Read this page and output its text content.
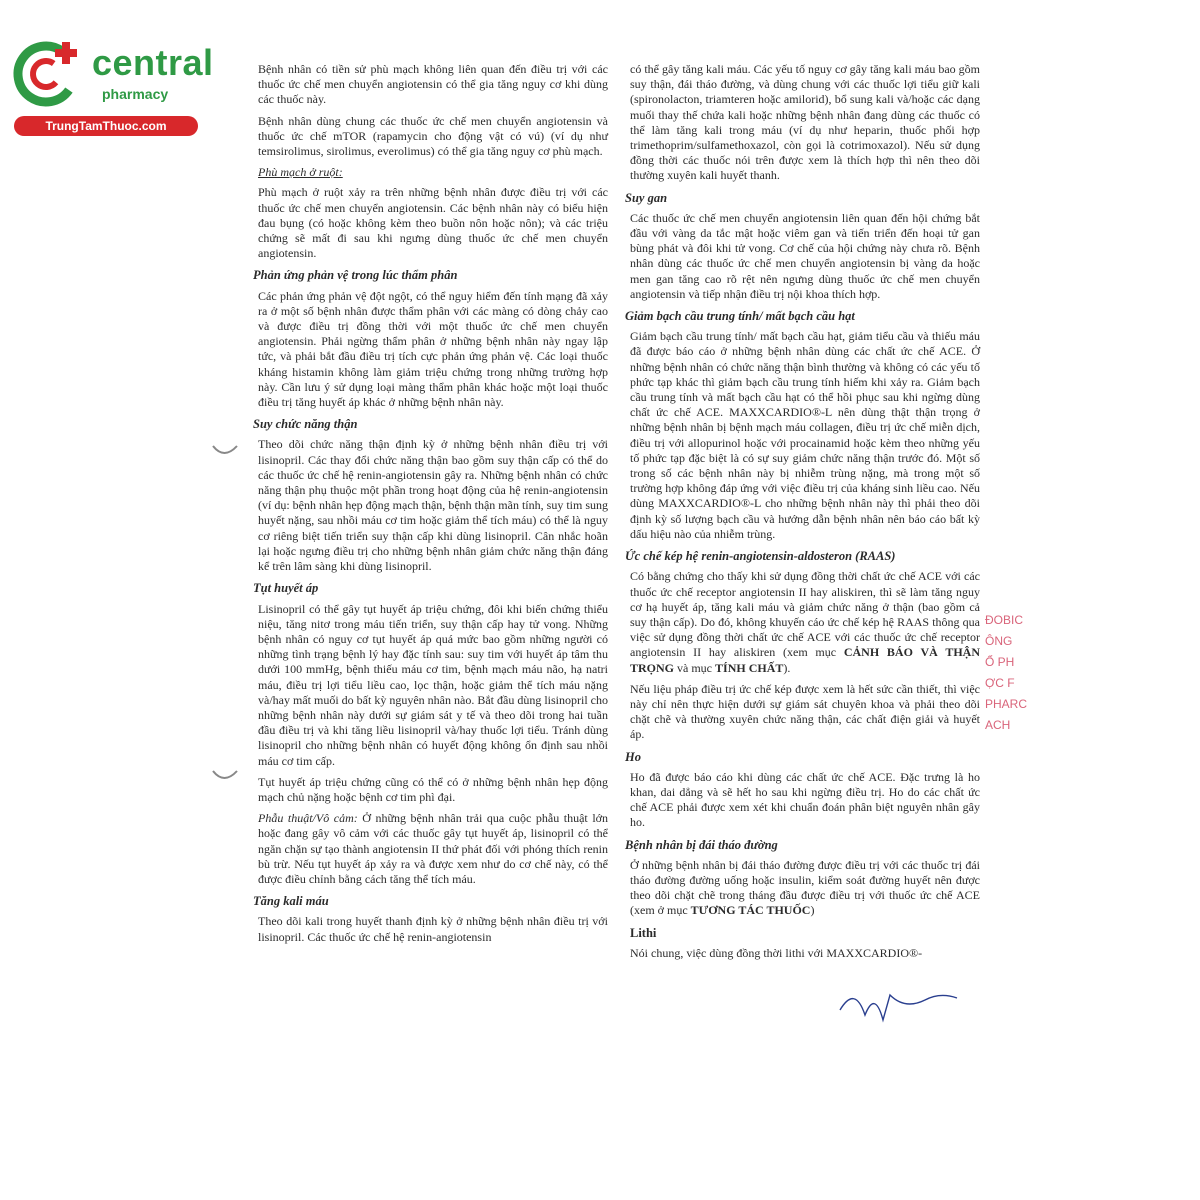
central
pharmacy
TrungTamThuoc.com

Bệnh nhân có tiền sử phù mạch không liên quan đến điều trị với các thuốc ức chế men chuyển angiotensin có thể gia tăng nguy cơ khi dùng các thuốc này.

Bệnh nhân dùng chung các thuốc ức chế men chuyển angiotensin và thuốc ức chế mTOR (rapamycin cho động vật có vú) (ví dụ như temsirolimus, sirolimus, everolimus) có thể gia tăng nguy cơ phù mạch.

Phù mạch ở ruột:

Phù mạch ở ruột xảy ra trên những bệnh nhân được điều trị với các thuốc ức chế men chuyển angiotensin. Các bệnh nhân này có biểu hiện đau bụng (có hoặc không kèm theo buồn nôn hoặc nôn); và các triệu chứng sẽ mất đi sau khi ngưng dùng thuốc ức chế men chuyển angiotensin.

Phản ứng phản vệ trong lúc thẩm phân

Các phản ứng phản vệ đột ngột, có thể nguy hiểm đến tính mạng đã xảy ra ở một số bệnh nhân được thẩm phân với các màng có dòng chảy cao và được điều trị đồng thời với một thuốc ức chế men chuyển angiotensin. Phải ngừng thẩm phân ở những bệnh nhân này ngay lập tức, và phải bắt đầu điều trị tích cực phản ứng phản vệ. Các loại thuốc kháng histamin không làm giảm triệu chứng trong những trường hợp này. Cần lưu ý sử dụng loại màng thẩm phân khác hoặc một loại thuốc điều trị tăng huyết áp khác ở những bệnh nhân này.

Suy chức năng thận

Theo dõi chức năng thận định kỳ ở những bệnh nhân điều trị với lisinopril. Các thay đổi chức năng thận bao gồm suy thận cấp có thể do các thuốc ức chế hệ renin-angiotensin gây ra. Những bệnh nhân có chức năng thận phụ thuộc một phần trong hoạt động của hệ renin-angiotensin (ví dụ: bệnh nhân hẹp động mạch thận, bệnh thận mãn tính, suy tim sung huyết nặng, sau nhồi máu cơ tim hoặc giảm thể tích máu) có thể là nguy cơ riêng biệt tiến triển suy thận cấp khi dùng lisinopril. Cân nhắc hoãn lại hoặc ngưng điều trị cho những bệnh nhân giảm chức năng thận đáng kể trên lâm sàng khi dùng lisinopril.

Tụt huyết áp

Lisinopril có thể gây tụt huyết áp triệu chứng, đôi khi biến chứng thiểu niệu, tăng nitơ trong máu tiến triển, suy thận cấp hay tử vong. Những bệnh nhân có nguy cơ tụt huyết áp quá mức bao gồm những người có những tình trạng bệnh lý hay đặc tính sau: suy tim với huyết áp tâm thu dưới 100 mmHg, bệnh thiếu máu cơ tim, bệnh mạch máu não, hạ natri máu, điều trị lợi tiểu liều cao, lọc thận, hoặc giảm thể tích máu nặng và/hay mất muối do bất kỳ nguyên nhân nào. Bắt đầu dùng lisinopril cho những bệnh nhân này dưới sự giám sát y tế và theo dõi trong hai tuần đầu điều trị và khi tăng liều lisinopril và/hay thuốc lợi tiểu. Tránh dùng lisinopril cho những bệnh nhân có huyết động không ổn định sau nhồi máu cơ tim cấp.

Tụt huyết áp triệu chứng cũng có thể có ở những bệnh nhân hẹp động mạch chủ nặng hoặc bệnh cơ tim phì đại.

Phẫu thuật/Vô cảm: Ở những bệnh nhân trải qua cuộc phẫu thuật lớn hoặc đang gây vô cảm với các thuốc gây tụt huyết áp, lisinopril có thể ngăn chặn sự tạo thành angiotensin II thứ phát đối với phóng thích renin bù trừ. Nếu tụt huyết áp xảy ra và được xem như do cơ chế này, có thể được điều chỉnh bằng cách tăng thể tích máu.

Tăng kali máu

Theo dõi kali trong huyết thanh định kỳ ở những bệnh nhân điều trị với lisinopril. Các thuốc ức chế hệ renin-angiotensin

có thể gây tăng kali máu. Các yếu tố nguy cơ gây tăng kali máu bao gồm suy thận, đái tháo đường, và dùng chung với các thuốc lợi tiểu giữ kali (spironolacton, triamteren hoặc amilorid), bổ sung kali và/hoặc các dạng muối thay thế chứa kali hoặc những bệnh nhân đang dùng các thuốc có thể làm tăng kali trong máu (ví dụ như heparin, thuốc phối hợp trimethoprim/sulfamethoxazol, còn gọi là cotrimoxazol). Nếu sử dụng đồng thời các thuốc nói trên được xem là thích hợp thì nên theo dõi thường xuyên kali huyết thanh.

Suy gan

Các thuốc ức chế men chuyển angiotensin liên quan đến hội chứng bắt đầu với vàng da tắc mật hoặc viêm gan và tiến triển đến hoại tử gan bùng phát và đôi khi tử vong. Cơ chế của hội chứng này chưa rõ. Bệnh nhân dùng các thuốc ức chế men chuyển angiotensin bị vàng da hoặc men gan tăng cao rõ rệt nên ngưng dùng thuốc ức chế men chuyển angiotensin và tiếp nhận điều trị nội khoa thích hợp.

Giảm bạch cầu trung tính/ mất bạch cầu hạt

Giảm bạch cầu trung tính/ mất bạch cầu hạt, giảm tiểu cầu và thiếu máu đã được báo cáo ở những bệnh nhân dùng các chất ức chế ACE. Ở những bệnh nhân có chức năng thận bình thường và không có các yếu tố phức tạp khác thì giảm bạch cầu trung tính hiếm khi xảy ra. Giảm bạch cầu trung tính và mất bạch cầu hạt có thể hồi phục sau khi ngừng dùng chất ức chế ACE. MAXXCARDIO®-L nên dùng thật thận trọng ở những bệnh nhân bị bệnh mạch máu collagen, điều trị ức chế miễn dịch, điều trị với allopurinol hoặc với procainamid hoặc kèm theo những yếu tố phức tạp đặc biệt là có sự suy giảm chức năng thận trước đó. Một số trong số các bệnh nhân này bị nhiễm trùng nặng, mà trong một số trường hợp không đáp ứng với việc điều trị của kháng sinh liều cao. Nếu dùng MAXXCARDIO®-L cho những bệnh nhân này thì phải theo dõi định kỳ số lượng bạch cầu và hướng dẫn bệnh nhân nên báo cáo bất kỳ dấu hiệu nào của nhiễm trùng.

Ức chế kép hệ renin-angiotensin-aldosteron (RAAS)

Có bằng chứng cho thấy khi sử dụng đồng thời chất ức chế ACE với các thuốc ức chế receptor angiotensin II hay aliskiren, thì sẽ làm tăng nguy cơ hạ huyết áp, tăng kali máu và giảm chức năng ở thận (bao gồm cả suy thận cấp). Do đó, không khuyến cáo ức chế kép hệ RAAS thông qua việc sử dụng đồng thời chất ức chế ACE với các thuốc ức chế receptor angiotensin II hay aliskiren (xem mục CẢNH BÁO VÀ THẬN TRỌNG và mục TÍNH CHẤT).

Nếu liệu pháp điều trị ức chế kép được xem là hết sức cần thiết, thì việc này chỉ nên thực hiện dưới sự giám sát chuyên khoa và phải theo dõi chặt chẽ và thường xuyên chức năng thận, các chất điện giải và huyết áp.

Ho

Ho đã được báo cáo khi dùng các chất ức chế ACE. Đặc trưng là ho khan, dai dẳng và sẽ hết ho sau khi ngừng điều trị. Ho do các chất ức chế ACE phải được xem xét khi chuẩn đoán phân biệt nguyên nhân gây ho.

Bệnh nhân bị đái tháo đường

Ở những bệnh nhân bị đái tháo đường được điều trị với các thuốc trị đái tháo đường đường uống hoặc insulin, kiểm soát đường huyết nên được theo dõi chặt chẽ trong tháng đầu được điều trị với thuốc ức chế ACE (xem ở mục TƯƠNG TÁC THUỐC)

Lithi

Nói chung, việc dùng đồng thời lithi với MAXXCARDIO®-

ĐOBIC
ÔNG
Ổ PH
ỢC F
PHARC
ACH
